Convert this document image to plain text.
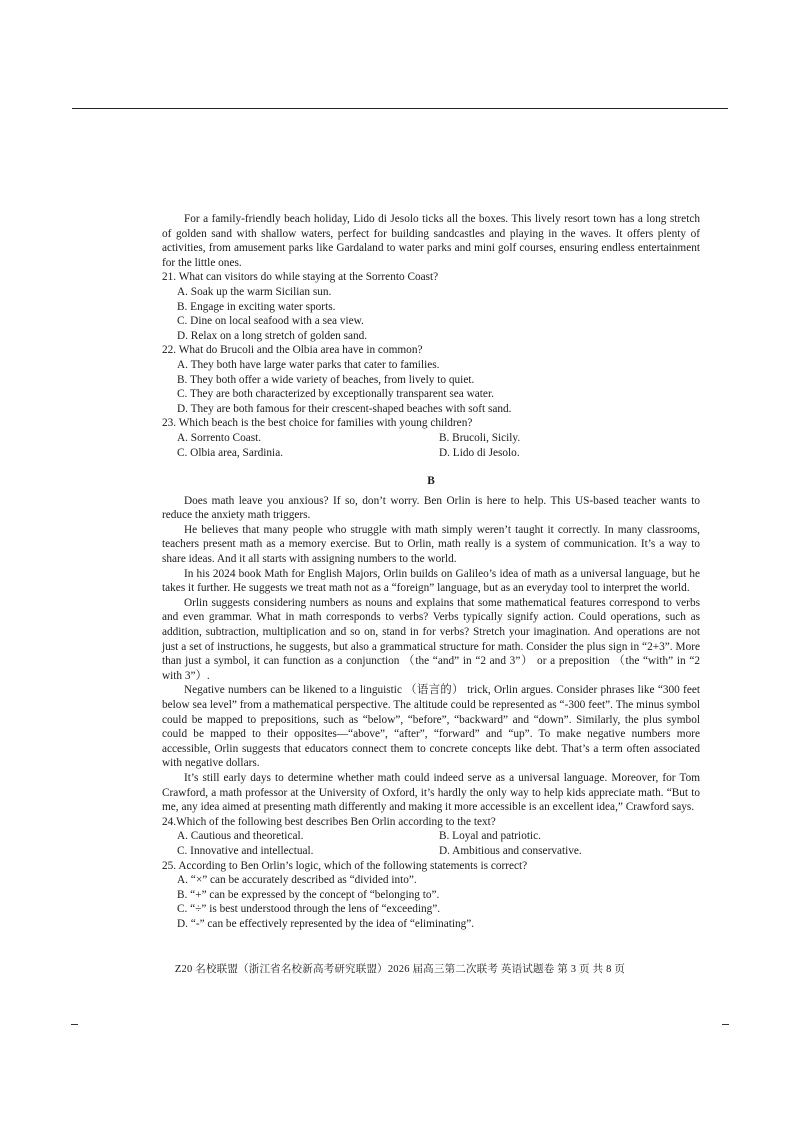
For a family-friendly beach holiday, Lido di Jesolo ticks all the boxes. This lively resort town has a long stretch of golden sand with shallow waters, perfect for building sandcastles and playing in the waves. It offers plenty of activities, from amusement parks like Gardaland to water parks and mini golf courses, ensuring endless entertainment for the little ones.

21. What can visitors do while staying at the Sorrento Coast?

A. Soak up the warm Sicilian sun.

B. Engage in exciting water sports.

C. Dine on local seafood with a sea view.

D. Relax on a long stretch of golden sand.

22. What do Brucoli and the Olbia area have in common?

A. They both have large water parks that cater to families.

B. They both offer a wide variety of beaches, from lively to quiet.

C. They are both characterized by exceptionally transparent sea water.

D. They are both famous for their crescent-shaped beaches with soft sand.

23. Which beach is the best choice for families with young children?

A. Sorrento Coast.	B. Brucoli, Sicily.
C. Olbia area, Sardinia.	D. Lido di Jesolo.
B

Does math leave you anxious? If so, don’t worry. Ben Orlin is here to help. This US-based teacher wants to reduce the anxiety math triggers.

He believes that many people who struggle with math simply weren’t taught it correctly. In many classrooms, teachers present math as a memory exercise. But to Orlin, math really is a system of communication. It’s a way to share ideas. And it all starts with assigning numbers to the world.

In his 2024 book Math for English Majors, Orlin builds on Galileo’s idea of math as a universal language, but he takes it further. He suggests we treat math not as a “foreign” language, but as an everyday tool to interpret the world.

Orlin suggests considering numbers as nouns and explains that some mathematical features correspond to verbs and even grammar. What in math corresponds to verbs? Verbs typically signify action. Could operations, such as addition, subtraction, multiplication and so on, stand in for verbs? Stretch your imagination. And operations are not just a set of instructions, he suggests, but also a grammatical structure for math. Consider the plus sign in “2+3”. More than just a symbol, it can function as a conjunction （the “and” in “2 and 3”） or a preposition （the “with” in “2 with 3”）.

Negative numbers can be likened to a linguistic （语言的） trick, Orlin argues. Consider phrases like “300 feet below sea level” from a mathematical perspective. The altitude could be represented as “-300 feet”. The minus symbol could be mapped to prepositions, such as “below”, “before”, “backward” and “down”. Similarly, the plus symbol could be mapped to their opposites—“above”, “after”, “forward” and “up”. To make negative numbers more accessible, Orlin suggests that educators connect them to concrete concepts like debt. That’s a term often associated with negative dollars.

It’s still early days to determine whether math could indeed serve as a universal language. Moreover, for Tom Crawford, a math professor at the University of Oxford, it’s hardly the only way to help kids appreciate math. “But to me, any idea aimed at presenting math differently and making it more accessible is an excellent idea,” Crawford says.

24.Which of the following best describes Ben Orlin according to the text?

A. Cautious and theoretical.	B. Loyal and patriotic.
C. Innovative and intellectual.	D. Ambitious and conservative.

25. According to Ben Orlin’s logic, which of the following statements is correct?

A. “×” can be accurately described as “divided into”.

B. “+” can be expressed by the concept of “belonging to”.

C. “÷” is best understood through the lens of “exceeding”.

D. “-” can be effectively represented by the idea of “eliminating”.

Z20 名校联盟（浙江省名校新高考研究联盟）2026 届高三第二次联考 英语试题卷 第 3 页 共 8 页
